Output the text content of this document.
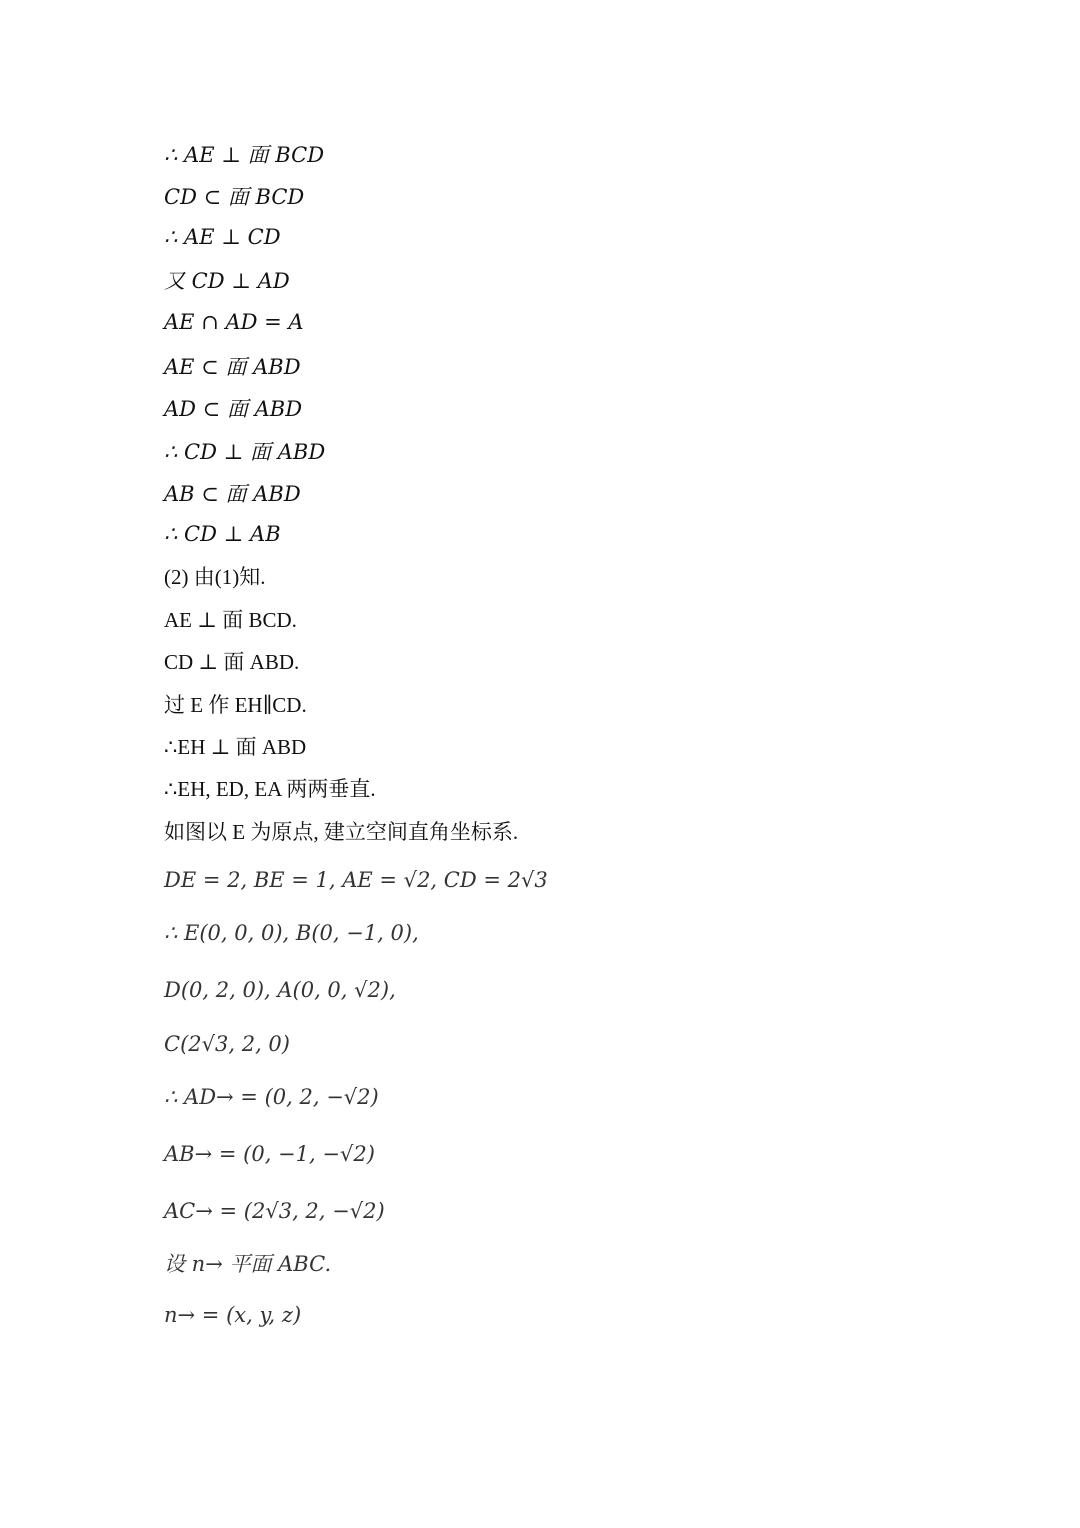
∴ AE ⊥ 面 BCD
CD ⊂ 面 BCD
∴ AE ⊥ CD
又 CD ⊥ AD
AE ∩ AD = A
AE ⊂ 面 ABD
AD ⊂ 面 ABD
∴ CD ⊥ 面 ABD
AB ⊂ 面 ABD
∴ CD ⊥ AB
(2) 由(1)知.
AE ⊥ 面 BCD.
CD ⊥ 面 ABD.
过 E 作 EH∥CD.
∴EH ⊥ 面 ABD
∴EH, ED, EA 两两垂直.
如图以 E 为原点, 建立空间直角坐标系.
DE = 2, BE = 1, AE = √2, CD = 2√3
∴ E(0, 0, 0), B(0, −1, 0),
D(0, 2, 0), A(0, 0, √2),
C(2√3, 2, 0)
∴ AD→ = (0, 2, −√2)
AB→ = (0, −1, −√2)
AC→ = (2√3, 2, −√2)
设 n→ 平面 ABC.
n→ = (x, y, z)
